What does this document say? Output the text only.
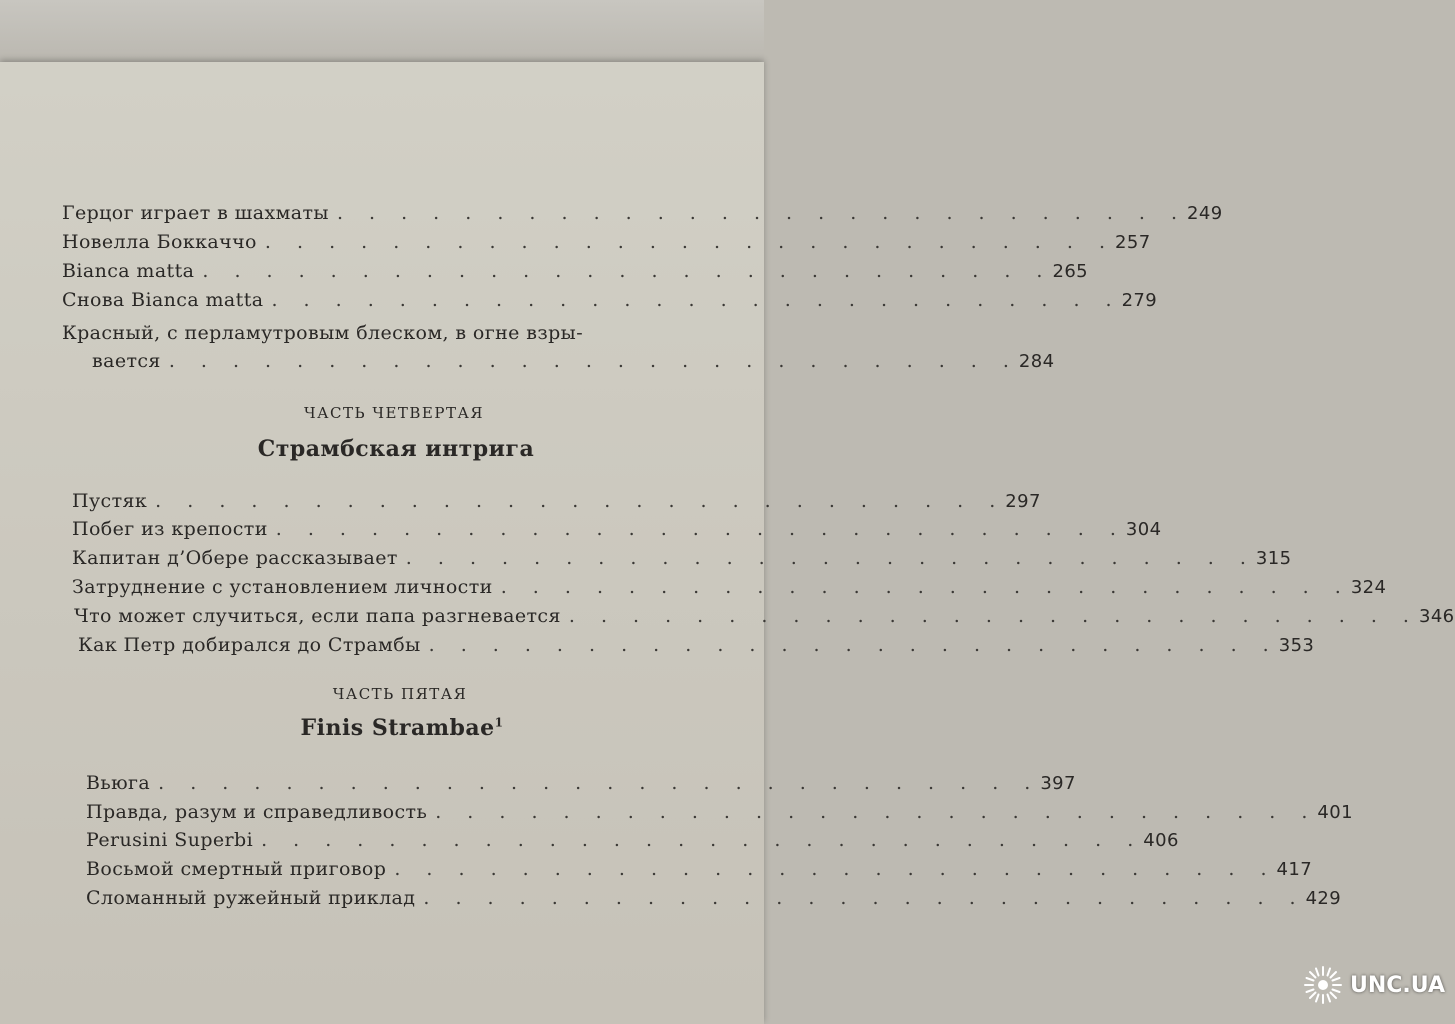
Герцог играет в шахматы . . . . . . . . . . . . . . . . . . . . . . . . . . . 249
Новелла Боккаччо . . . . . . . . . . . . . . . . . . . . . . . . . . . 257
Bianca matta . . . . . . . . . . . . . . . . . . . . . . . . . . . 265
Снова Bianca matta . . . . . . . . . . . . . . . . . . . . . . . . . . . 279
Красный, с перламутровым блеском, в огне взры-
вается . . . . . . . . . . . . . . . . . . . . . . . . . . . 284
ЧАСТЬ ЧЕТВЕРТАЯ
Страмбская интрига
Пустяк . . . . . . . . . . . . . . . . . . . . . . . . . . . 297
Побег из крепости . . . . . . . . . . . . . . . . . . . . . . . . . . . 304
Капитан д’Обере рассказывает . . . . . . . . . . . . . . . . . . . . . . . . . . . 315
Затруднение с установлением личности . . . . . . . . . . . . . . . . . . . . . . . . . . . 324
Что может случиться, если папа разгневается . . . . . . . . . . . . . . . . . . . . . . . . . . . 346
Как Петр добирался до Страмбы . . . . . . . . . . . . . . . . . . . . . . . . . . . 353
ЧАСТЬ ПЯТАЯ
Finis Strambae$^1$
Вьюга . . . . . . . . . . . . . . . . . . . . . . . . . . . . 397
Правда, разум и справедливость . . . . . . . . . . . . . . . . . . . . . . . . . . . . 401
Perusini Superbi . . . . . . . . . . . . . . . . . . . . . . . . . . . . 406
Восьмой смертный приговор . . . . . . . . . . . . . . . . . . . . . . . . . . . . 417
Сломанный ружейный приклад . . . . . . . . . . . . . . . . . . . . . . . . . . . . 429
UNC.UA
